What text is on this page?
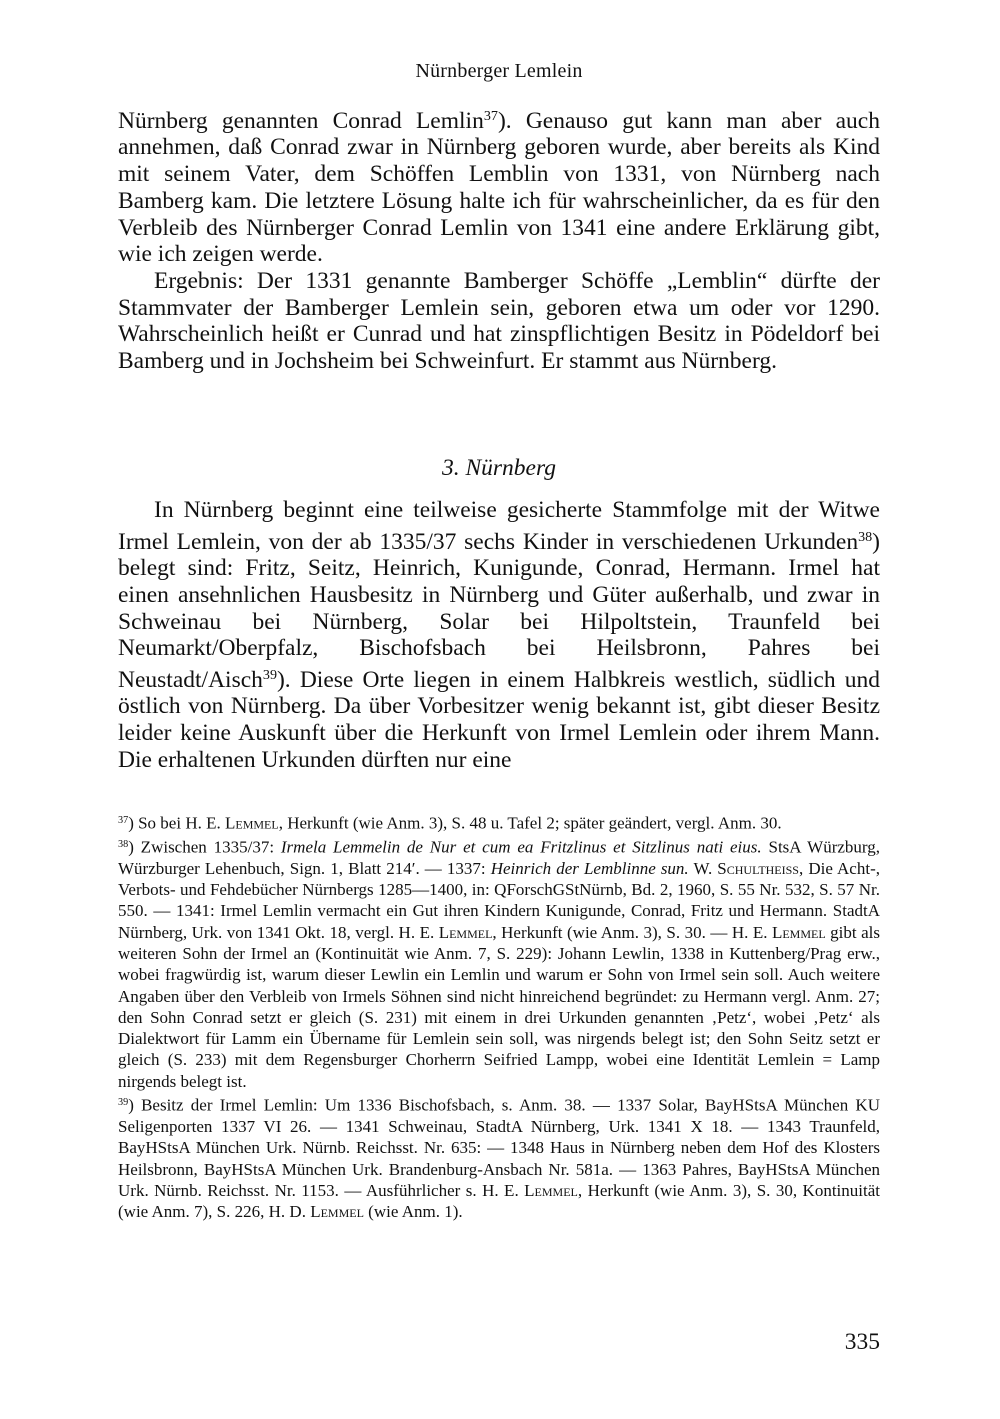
Nürnberger Lemlein

Nürnberg genannten Conrad Lemlin$^{37}$). Genauso gut kann man aber auch annehmen, daß Conrad zwar in Nürnberg geboren wurde, aber bereits als Kind mit seinem Vater, dem Schöffen Lemblin von 1331, von Nürnberg nach Bamberg kam. Die letztere Lösung halte ich für wahrscheinlicher, da es für den Verbleib des Nürnberger Conrad Lemlin von 1341 eine andere Erklärung gibt, wie ich zeigen werde.

Ergebnis: Der 1331 genannte Bamberger Schöffe „Lemblin“ dürfte der Stammvater der Bamberger Lemlein sein, geboren etwa um oder vor 1290. Wahrscheinlich heißt er Cunrad und hat zinspflichtigen Besitz in Pödeldorf bei Bamberg und in Jochsheim bei Schweinfurt. Er stammt aus Nürnberg.

3. Nürnberg

In Nürnberg beginnt eine teilweise gesicherte Stammfolge mit der Witwe Irmel Lemlein, von der ab 1335/37 sechs Kinder in verschiedenen Urkunden$^{38}$) belegt sind: Fritz, Seitz, Heinrich, Kunigunde, Conrad, Hermann. Irmel hat einen ansehnlichen Hausbesitz in Nürnberg und Güter außerhalb, und zwar in Schweinau bei Nürnberg, Solar bei Hilpoltstein, Traunfeld bei Neumarkt/Oberpfalz, Bischofsbach bei Heilsbronn, Pahres bei Neustadt/Aisch$^{39}$). Diese Orte liegen in einem Halbkreis westlich, südlich und östlich von Nürnberg. Da über Vorbesitzer wenig bekannt ist, gibt dieser Besitz leider keine Auskunft über die Herkunft von Irmel Lemlein oder ihrem Mann. Die erhaltenen Urkunden dürften nur eine

$^{37}$) So bei H. E. Lemmel, Herkunft (wie Anm. 3), S. 48 u. Tafel 2; später geändert, vergl. Anm. 30.

$^{38}$) Zwischen 1335/37: Irmela Lemmelin de Nur et cum ea Fritzlinus et Sitzlinus nati eius. StsA Würzburg, Würzburger Lehenbuch, Sign. 1, Blatt 214ʹ. — 1337: Heinrich der Lemblinne sun. W. Schultheiss, Die Acht-, Verbots- und Fehdebücher Nürnbergs 1285—1400, in: QForschGStNürnb, Bd. 2, 1960, S. 55 Nr. 532, S. 57 Nr. 550. — 1341: Irmel Lemlin vermacht ein Gut ihren Kindern Kunigunde, Conrad, Fritz und Hermann. StadtA Nürnberg, Urk. von 1341 Okt. 18, vergl. H. E. Lemmel, Herkunft (wie Anm. 3), S. 30. — H. E. Lemmel gibt als weiteren Sohn der Irmel an (Kontinuität wie Anm. 7, S. 229): Johann Lewlin, 1338 in Kuttenberg/Prag erw., wobei fragwürdig ist, warum dieser Lewlin ein Lemlin und warum er Sohn von Irmel sein soll. Auch weitere Angaben über den Verbleib von Irmels Söhnen sind nicht hinreichend begründet: zu Hermann vergl. Anm. 27; den Sohn Conrad setzt er gleich (S. 231) mit einem in drei Urkunden genannten ‚Petz‘, wobei ‚Petz‘ als Dialektwort für Lamm ein Übername für Lemlein sein soll, was nirgends belegt ist; den Sohn Seitz setzt er gleich (S. 233) mit dem Regensburger Chorherrn Seifried Lampp, wobei eine Identität Lemlein = Lamp nirgends belegt ist.

$^{39}$) Besitz der Irmel Lemlin: Um 1336 Bischofsbach, s. Anm. 38. — 1337 Solar, BayHStsA München KU Seligenporten 1337 VI 26. — 1341 Schweinau, StadtA Nürnberg, Urk. 1341 X 18. — 1343 Traunfeld, BayHStsA München Urk. Nürnb. Reichsst. Nr. 635: — 1348 Haus in Nürnberg neben dem Hof des Klosters Heilsbronn, BayHStsA München Urk. Brandenburg-Ansbach Nr. 581a. — 1363 Pahres, BayHStsA München Urk. Nürnb. Reichsst. Nr. 1153. — Ausführlicher s. H. E. Lemmel, Herkunft (wie Anm. 3), S. 30, Kontinuität (wie Anm. 7), S. 226, H. D. Lemmel (wie Anm. 1).

335
